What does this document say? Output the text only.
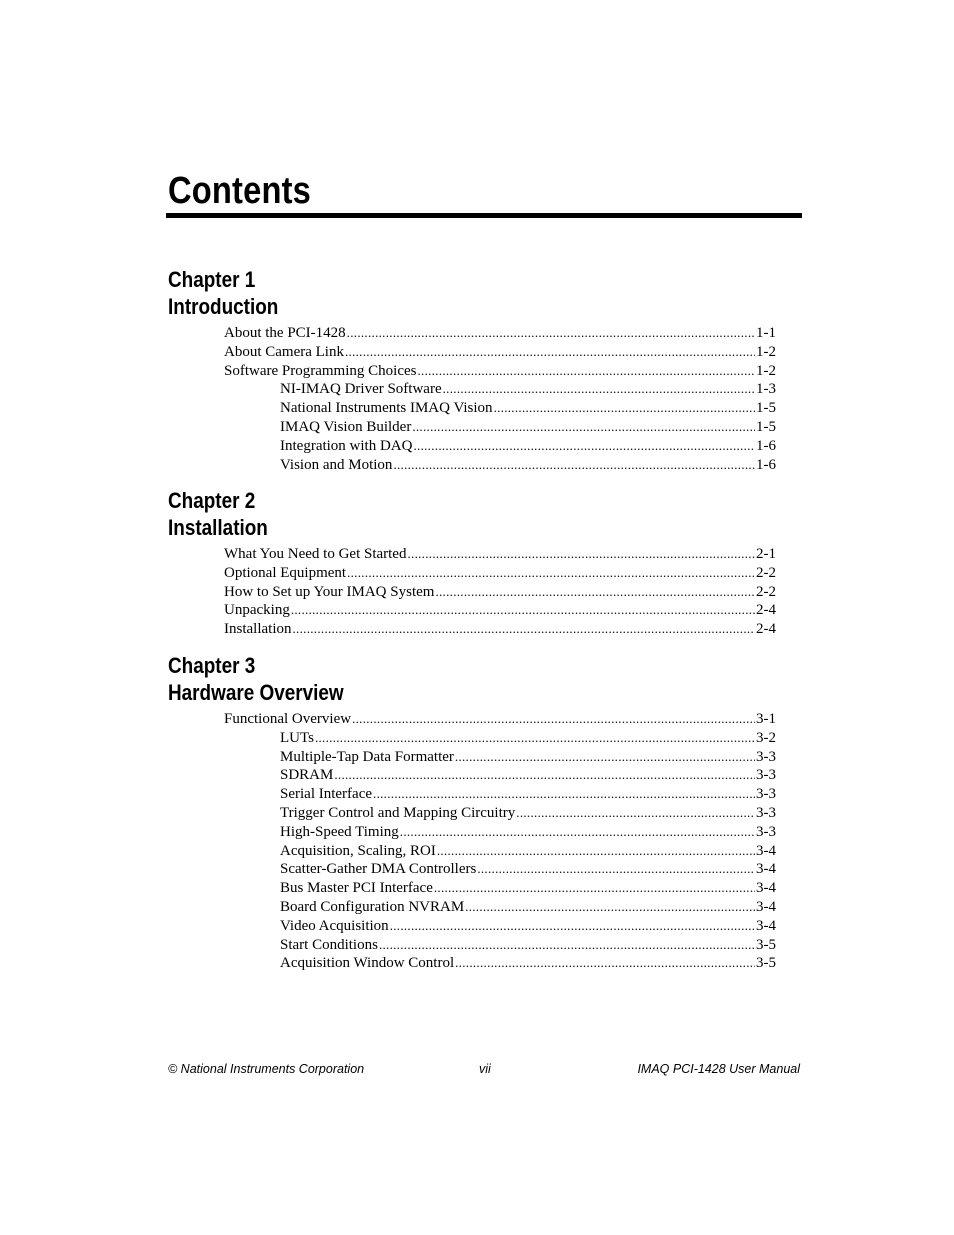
Contents
Chapter 1
Introduction
About the PCI-1428 .....	1-1
About Camera Link .....	1-2
Software Programming Choices .....	1-2
NI-IMAQ Driver Software .....	1-3
National Instruments IMAQ Vision .....	1-5
IMAQ Vision Builder .....	1-5
Integration with DAQ .....	1-6
Vision and Motion .....	1-6
Chapter 2
Installation
What You Need to Get Started .....	2-1
Optional Equipment .....	2-2
How to Set up Your IMAQ System .....	2-2
Unpacking .....	2-4
Installation .....	2-4
Chapter 3
Hardware Overview
Functional Overview .....	3-1
LUTs .....	3-2
Multiple-Tap Data Formatter .....	3-3
SDRAM .....	3-3
Serial Interface .....	3-3
Trigger Control and Mapping Circuitry .....	3-3
High-Speed Timing .....	3-3
Acquisition, Scaling, ROI .....	3-4
Scatter-Gather DMA Controllers .....	3-4
Bus Master PCI Interface .....	3-4
Board Configuration NVRAM .....	3-4
Video Acquisition .....	3-4
Start Conditions .....	3-5
Acquisition Window Control .....	3-5
© National Instruments Corporation	vii	IMAQ PCI-1428 User Manual
